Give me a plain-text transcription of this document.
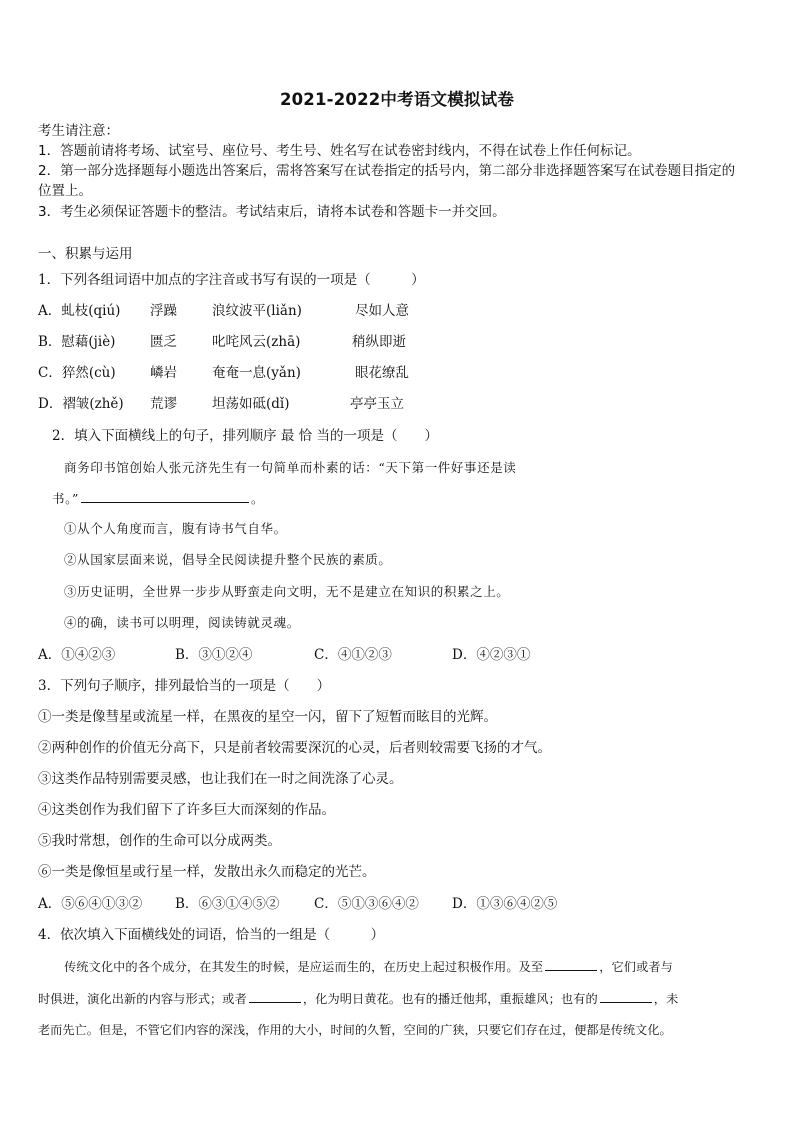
2021-2022中考语文模拟试卷
考生请注意：
1．答题前请将考场、试室号、座位号、考生号、姓名写在试卷密封线内，不得在试卷上作任何标记。
2．第一部分选择题每小题选出答案后，需将答案写在试卷指定的括号内，第二部分非选择题答案写在试卷题目指定的
位置上。
3．考生必须保证答题卡的整洁。考试结束后，请将本试卷和答题卡一并交回。
一、积累与运用
1．下列各组词语中加点的字注音或书写有误的一项是（　　　）
A．虬枝(qiú) 浮躁	浪纹波平(liǎn)	尽如人意
B．慰藉(jiè)	匮乏	叱咤风云(zhā)	稍纵即逝
C．猝然(cù)	嶙岩	奄奄一息(yǎn)	眼花缭乱
D．褶皱(zhě) 荒谬	坦荡如砥(dǐ)	亭亭玉立
2．填入下面横线上的句子，排列顺序 最 恰 当的一项是（　　）
商务印书馆创始人张元济先生有一句简单而朴素的话：“天下第一件好事还是读
书。”	。
①从个人角度而言，腹有诗书气自华。
②从国家层面来说，倡导全民阅读提升整个民族的素质。
③历史证明，全世界一步步从野蛮走向文明，无不是建立在知识的积累之上。
④的确，读书可以明理，阅读铸就灵魂。
A．①④②③	B．③①②④	C．④①②③	D．④②③①
3．下列句子顺序，排列最恰当的一项是（　　）
①一类是像彗星或流星一样，在黑夜的星空一闪，留下了短暂而眩目的光辉。
②两种创作的价值无分高下，只是前者较需要深沉的心灵，后者则较需要飞扬的才气。
③这类作品特别需要灵感，也让我们在一时之间洗涤了心灵。
④这类创作为我们留下了许多巨大而深刻的作品。
⑤我时常想，创作的生命可以分成两类。
⑥一类是像恒星或行星一样，发散出永久而稳定的光芒。
A．⑤⑥④①③② B．⑥③①④⑤②	C．⑤①③⑥④② D．①③⑥④②⑤
4．依次填入下面横线处的词语，恰当的一组是（　　　）
传统文化中的各个成分，在其发生的时候，是应运而生的，在历史上起过积极作用。及至	，它们或者与
时俱进，演化出新的内容与形式；或者	，化为明日黄花。也有的播迁他邦，重振雄风；也有的	，未
老而先亡。但是，不管它们内容的深浅，作用的大小，时间的久暂，空间的广狭，只要它们存在过，便都是传统文化。
